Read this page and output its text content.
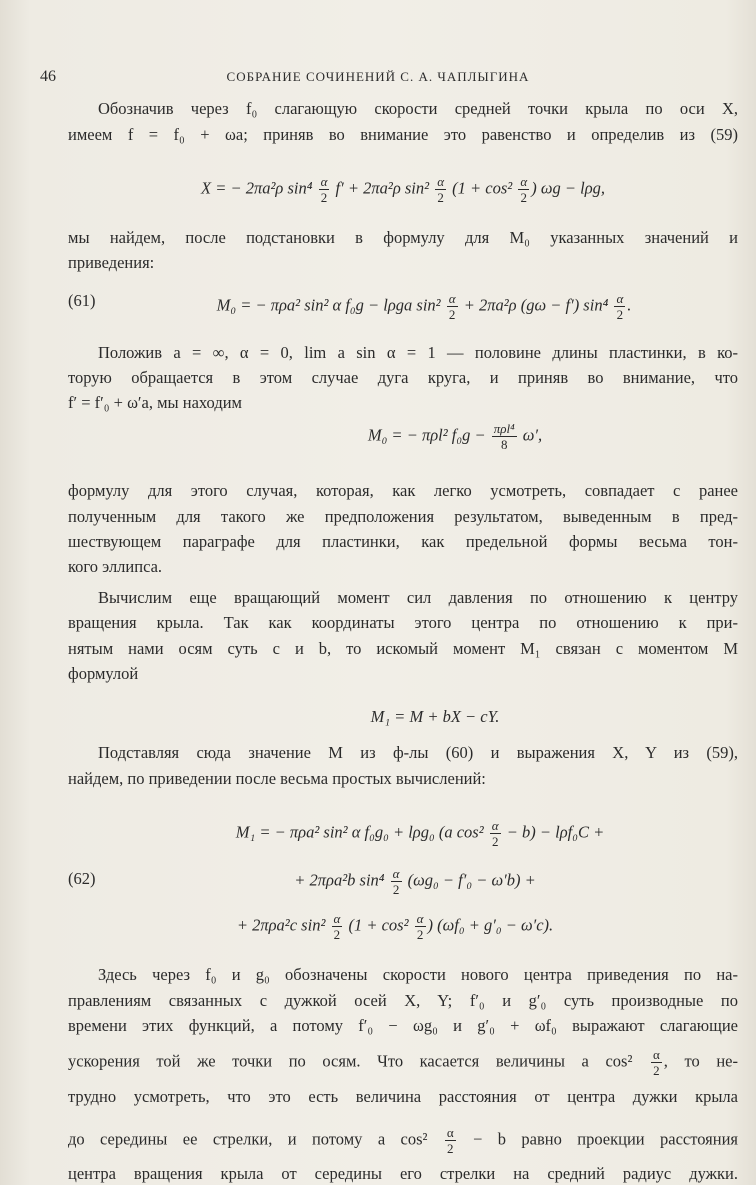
46	СОБРАНИЕ СОЧИНЕНИЙ С. А. ЧАПЛЫГИНА
Обозначив через f₀ слагающую скорости средней точки крыла по оси X,
имеем f = f₀ + ωa; приняв во внимание это равенство и определив из (59)
X = − 2πa²ρ $\sin^4 \frac{\alpha}{2} f' + 2\pi a^2\rho$ $\sin^2 \frac{\alpha}{2} (1 + \cos^2 \frac{\alpha}{2}$ ) ωg − lρg,
мы найдем, после подстановки в формулу для M₀ указанных значений и
приведения:
(61)	M₀ = − πρa² sin² α f₀g − lρga $\sin^2 \frac{\alpha}{2} + 2\pi a^2\rho$ (gω − f′) $\sin^4 \frac{\alpha}{2}$ .
Положив a = ∞, α = 0, lim a sin α = 1 — половине длины пластинки, в ко-
торую обращается в этом случае дуга круга, и приняв во внимание, что
f′ = f′₀ + ω′a, мы находим
M₀ = − πρl² $f_0g - \frac{\text{πρl⁴}}{8} \omega'$,
формулу для этого случая, которая, как легко усмотреть, совпадает с ранее
полученным для такого же предположения результатом, выведенным в пред-
шествующем параграфе для пластинки, как предельной формы весьма тон-
кого эллипса.
Вычислим еще вращающий момент сил давления по отношению к центру
вращения крыла. Так как координаты этого центра по отношению к при-
нятым нами осям суть c и b, то искомый момент M₁ связан с моментом M
формулой
M₁ = M + bX − cY.
Подставляя сюда значение M из ф-лы (60) и выражения X, Y из (59),
найдем, по приведении после весьма простых вычислений:
M₁ = − πρa² sin² α f₀g₀ + lρg₀ (a $\cos^2 \frac{\alpha}{2} - b) - l\rho f_0C$ +
(62)	+ 2πρa²b $\sin^4 \frac{\alpha}{2} (\omega g_0 - f'_0 - \omega'b)$ +
+ 2πρa²c $\sin^2 \frac{\alpha}{2} (1 + \cos^2 \frac{\alpha}{2}$ ) (ωf₀ + g′₀ − ω′c).
Здесь через f₀ и g₀ обозначены скорости нового центра приведения по на-
правлениям связанных с дужкой осей X, Y; f′₀ и g′₀ суть производные по
времени этих функций, а потому f′₀ − ωg₀ и g′₀ + ωf₀ выражают слагающие
ускорения той же точки по осям. Что касается величины a $\cos^2 \frac{\alpha}{2}$ , то не-
трудно усмотреть, что это есть величина расстояния от центра дужки крыла
до середины ее стрелки, и потому a $\cos^2 \frac{\alpha}{2} - b$ равно проекции расстояния
центра вращения крыла от середины его стрелки на средний радиус дужки.
